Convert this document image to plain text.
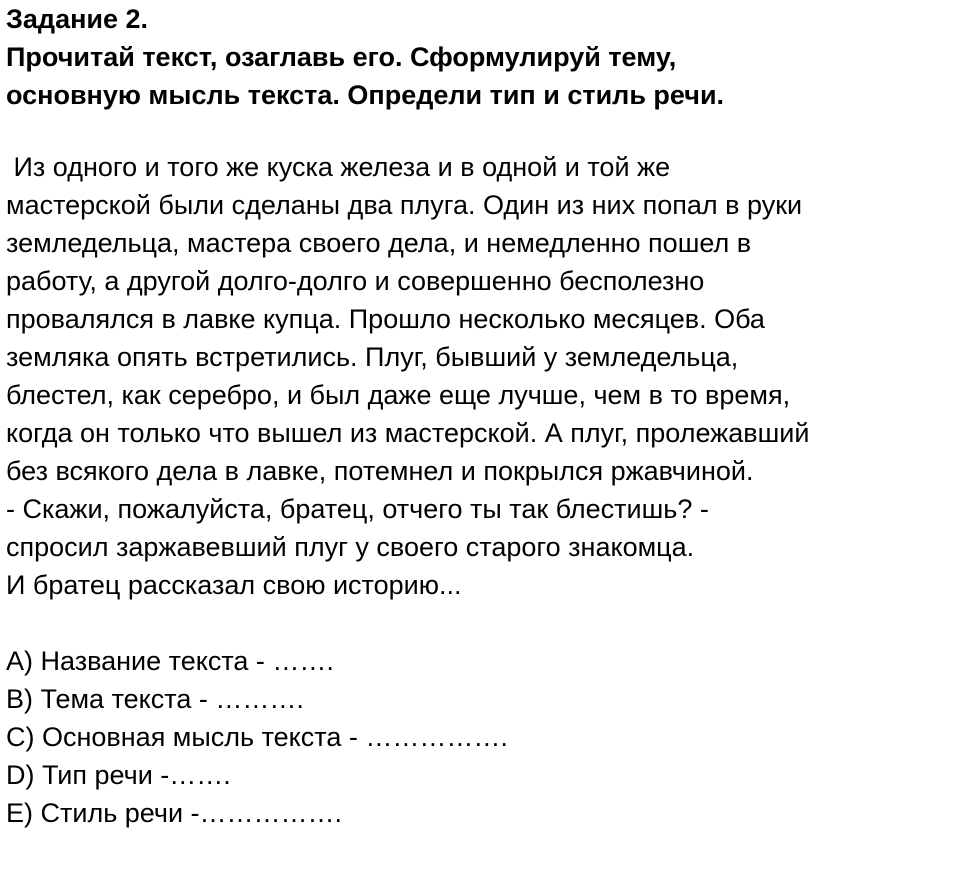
Задание 2.
Прочитай текст, озаглавь его. Сформулируй тему,
основную мысль текста. Определи тип и стиль речи.
Из одного и того же куска железа и в одной и той же
мастерской были сделаны два плуга. Один из них попал в руки
земледельца, мастера своего дела, и немедленно пошел в
работу, а другой долго-долго и совершенно бесполезно
провалялся в лавке купца. Прошло несколько месяцев. Оба
земляка опять встретились. Плуг, бывший у земледельца,
блестел, как серебро, и был даже еще лучше, чем в то время,
когда он только что вышел из мастерской. А плуг, пролежавший
без всякого дела в лавке, потемнел и покрылся ржавчиной.
- Скажи, пожалуйста, братец, отчего ты так блестишь? -
спросил заржавевший плуг у своего старого знакомца.
И братец рассказал свою историю...
A) Название текста - …….
B) Тема текста - ……….
C) Основная мысль текста - …………….
D) Тип речи -…….
E) Стиль речи -…………….
